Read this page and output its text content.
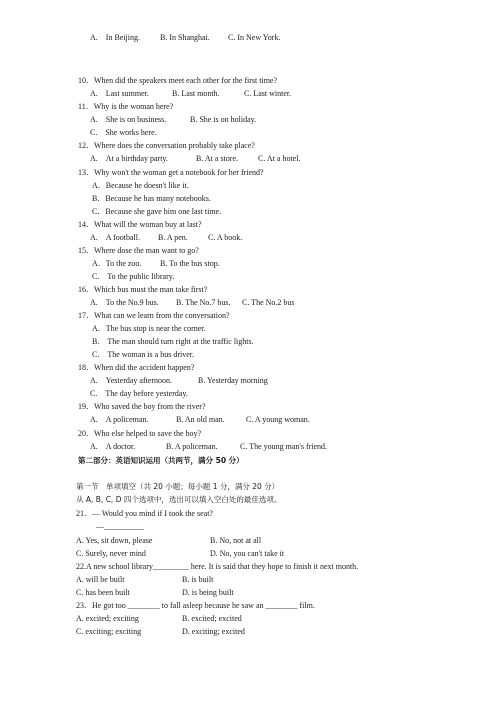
A.　In Beijing.	B. In Shanghai. C. In New York.
10．When did the speakers meet each other for the first time?
A.　Last summer.	B. Last month.	C. Last winter.
11．Why is the woman here?
A.　She is on business.	B. She is on holiday.
C.　She works here.
12．Where does the conversation probably take place?
A.　At a birthday party.	B. At a store.	C. At a hotel.
13．Why won't the woman get a notebook for her friend?
A．Because he doesn't like it.
B．Because he has many notebooks.
C．Because she gave him one last time.
14．What will the woman buy at last?
A.　A football. B. A pen.	C. A book.
15．Where dose the man want to go?
A．To the zoo. B. To the bus stop.
C.　To the public library.
16．Which bus must the man take first?
A.　To the No.9 bus. B. The No.7 bus. C. The No.2 bus
17．What can we learn from the conversation?
A．The bus stop is near the corner.
B.　The man should turn right at the traffic lights.
C.　The woman is a bus driver.
18．When did the accident happen?
A.　Yesterday afternoon.	B. Yesterday morning
C.　The day before yesterday.
19．Who saved the boy from the river?
A.　A policeman.	B. An old man.	C. A young woman.
20．Who else helped to save the boy?
A.　A doctor.	B. A policeman.	C. The young man's friend.
第二部分：英语知识运用（共两节，满分 50 分）
第一节　单项填空（共 20 小题；每小题 1 分，满分 20 分）
从 A, B, C, D 四个选项中，选出可以填入空白处的最佳选项。
21．— Would you mind if I took the seat?
—__________
A. Yes, sit down, please	B. No, not at all
C. Surely, never mind	D. No, you can't take it
22.A new school library_________ here. It is said that they hope to finish it next month.
A. will be built	B. is built
C. has been built	D. is being built
23．He got too ________ to fall asleep because he saw an ________ film.
A. excited; exciting	B. excited; excited
C. exciting; exciting	D. exciting; excited
